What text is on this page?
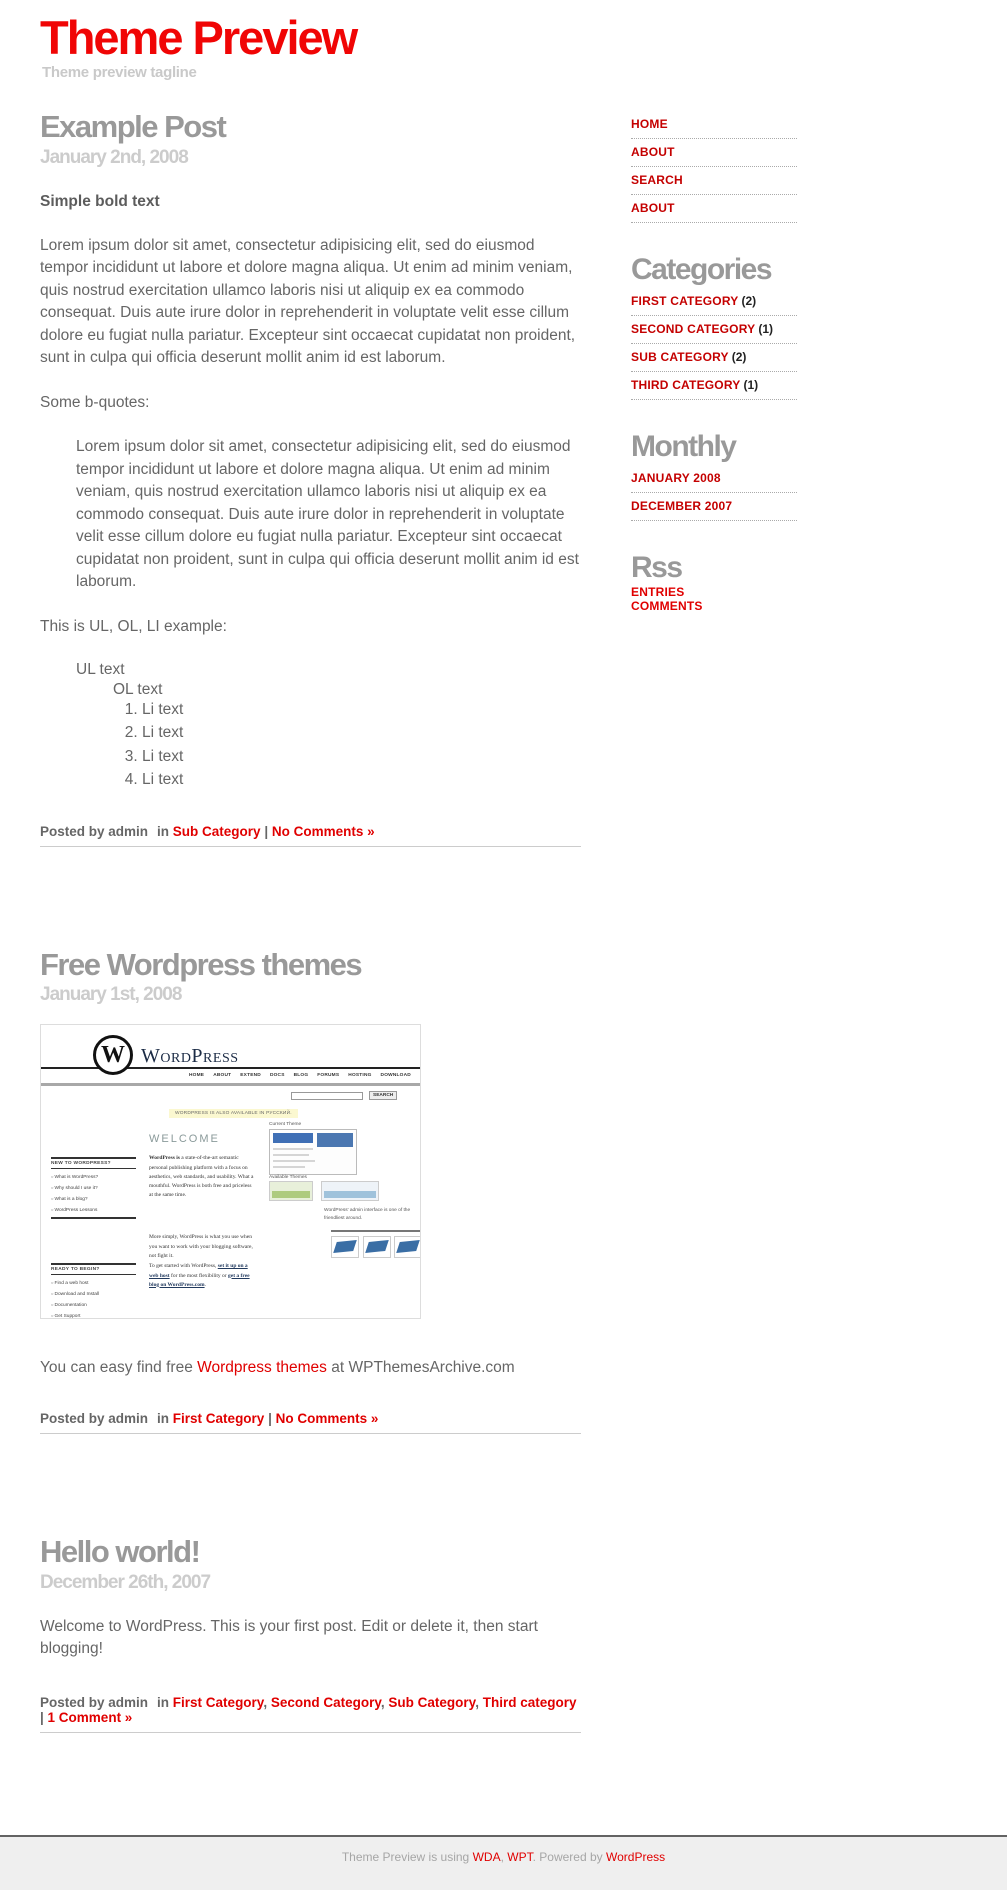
Theme Preview
Theme preview tagline
Example Post
January 2nd, 2008

Simple bold text

Lorem ipsum dolor sit amet, consectetur adipisicing elit, sed do eiusmod tempor incididunt ut labore et dolore magna aliqua. Ut enim ad minim veniam, quis nostrud exercitation ullamco laboris nisi ut aliquip ex ea commodo consequat. Duis aute irure dolor in reprehenderit in voluptate velit esse cillum dolore eu fugiat nulla pariatur. Excepteur sint occaecat cupidatat non proident, sunt in culpa qui officia deserunt mollit anim id est laborum.

Some b-quotes:

Lorem ipsum dolor sit amet, consectetur adipisicing elit, sed do eiusmod tempor incididunt ut labore et dolore magna aliqua. Ut enim ad minim veniam, quis nostrud exercitation ullamco laboris nisi ut aliquip ex ea commodo consequat. Duis aute irure dolor in reprehenderit in voluptate velit esse cillum dolore eu fugiat nulla pariatur. Excepteur sint occaecat cupidatat non proident, sunt in culpa qui officia deserunt mollit anim id est laborum.

This is UL, OL, LI example:

UL text
OL text
1. Li text
2. Li text
3. Li text
4. Li text
Posted by admin in Sub Category | No Comments »
Free Wordpress themes
January 1st, 2008
W WordPress
HOME ABOUT EXTEND DOCS BLOG FORUMS HOSTING DOWNLOAD
SEARCH
WORDPRESS IS ALSO AVAILABLE IN РУССКИЙ.
WELCOME
NEW TO WORDPRESS?
○ What is WordPress?
○ Why should I use it?
○ What is a blog?
○ WordPress Lessons
READY TO BEGIN?
○ Find a web host
○ Download and Install
○ Documentation
○ Get Support
WordPress is a state-of-the-art semantic personal publishing platform with a focus on aesthetics, web standards, and usability. What a mouthful. WordPress is both free and priceless at the same time.
More simply, WordPress is what you use when you want to work with your blogging software, not fight it.
To get started with WordPress, set it up on a web host for the most flexibility or get a free blog on WordPress.com.
Current Theme
Available Themes
WordPress' admin interface is one of the friendliest around.

You can easy find free Wordpress themes at WPThemesArchive.com

Posted by admin in First Category | No Comments »
Hello world!
December 26th, 2007

Welcome to WordPress. This is your first post. Edit or delete it, then start blogging!

Posted by admin in First Category, Second Category, Sub Category, Third category | 1 Comment »
HOME
ABOUT
SEARCH
ABOUT
Categories
FIRST CATEGORY (2)
SECOND CATEGORY (1)
SUB CATEGORY (2)
THIRD CATEGORY (1)
Monthly
JANUARY 2008
DECEMBER 2007
Rss
ENTRIES
COMMENTS
Theme Preview is using WDA, WPT. Powered by WordPress
